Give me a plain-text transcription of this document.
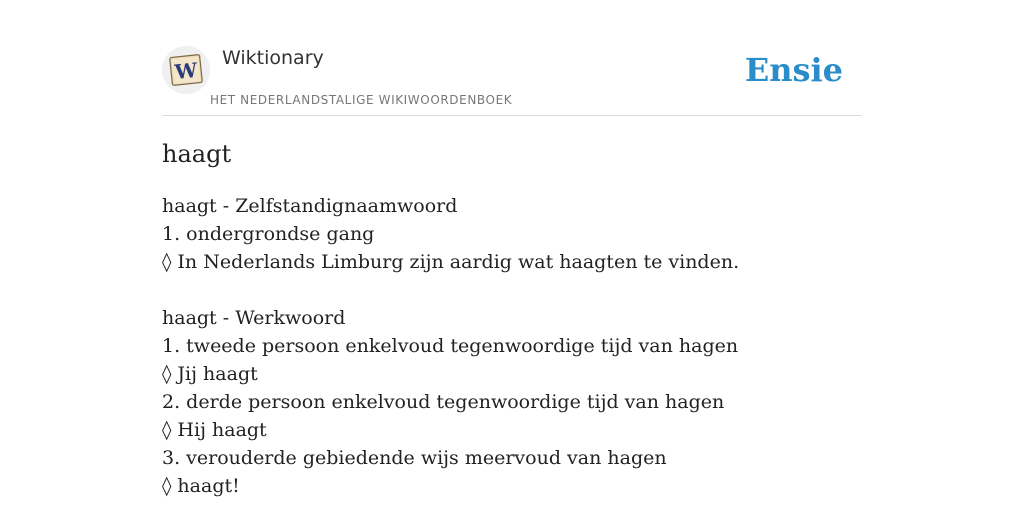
W Wiktionary
HET NEDERLANDSTALIGE WIKIWOORDENBOEK
Ensie
haagt
haagt - Zelfstandignaamwoord
1. ondergrondse gang
◊ In Nederlands Limburg zijn aardig wat haagten te vinden.
haagt - Werkwoord
1. tweede persoon enkelvoud tegenwoordige tijd van hagen
◊ Jij haagt
2. derde persoon enkelvoud tegenwoordige tijd van hagen
◊ Hij haagt
3. verouderde gebiedende wijs meervoud van hagen
◊ haagt!
